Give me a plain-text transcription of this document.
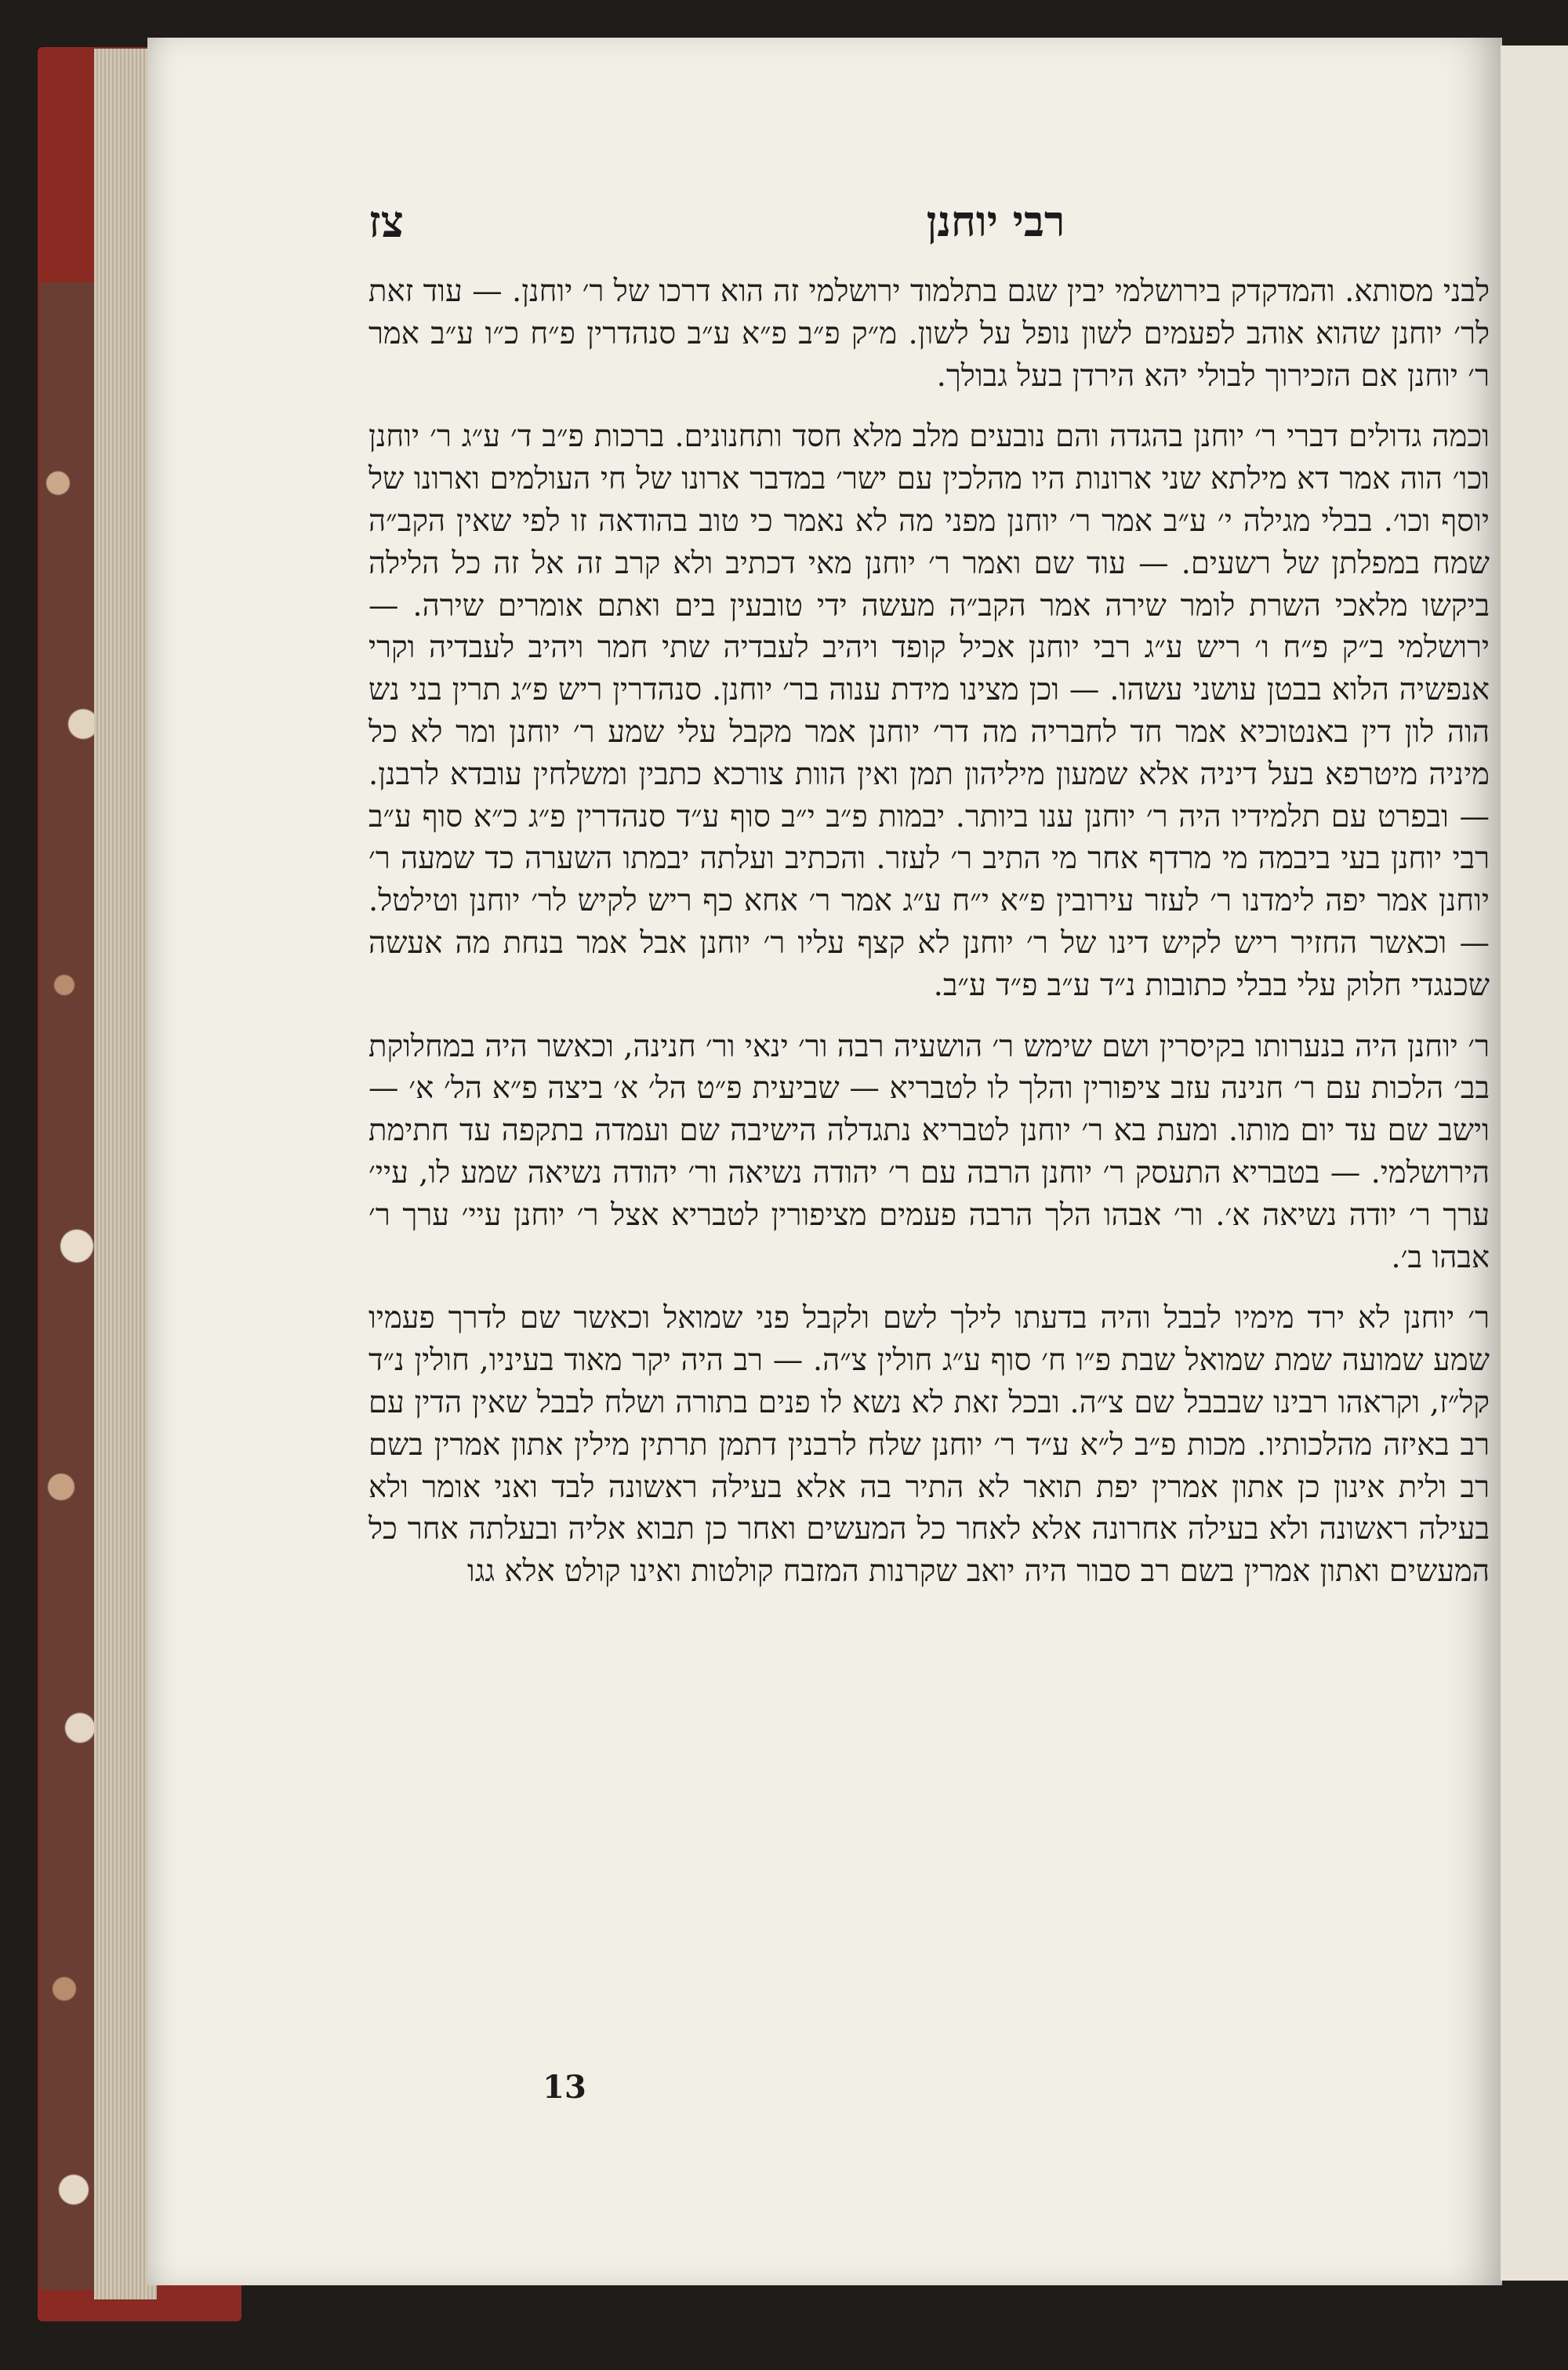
צז	רבי יוחנן

לבני מסותא. והמדקדק בירושלמי יבין שגם בתלמוד ירושלמי זה הוא דרכו של ר׳ יוחנן. — עוד זאת לר׳ יוחנן שהוא אוהב לפעמים לשון נופל על לשון. מ״ק פ״ב פ״א ע״ב סנהדרין פ״ח כ״ו ע״ב אמר ר׳ יוחנן אם הזכירוך לבולי יהא הירדן בעל גבולך.

וכמה גדולים דברי ר׳ יוחנן בהגדה והם נובעים מלב מלא חסד ותחנונים. ברכות פ״ב ד׳ ע״ג ר׳ יוחנן וכו׳ הוה אמר דא מילתא שני ארונות היו מהלכין עם ישר׳ במדבר ארונו של חי העולמים וארונו של יוסף וכו׳. בבלי מגילה י׳ ע״ב אמר ר׳ יוחנן מפני מה לא נאמר כי טוב בהודאה זו לפי שאין הקב״ה שמח במפלתן של רשעים. — עוד שם ואמר ר׳ יוחנן מאי דכתיב ולא קרב זה אל זה כל הלילה ביקשו מלאכי השרת לומר שירה אמר הקב״ה מעשה ידי טובעין בים ואתם אומרים שירה. — ירושלמי ב״ק פ״ח ו׳ ריש ע״ג רבי יוחנן אכיל קופד ויהיב לעבדיה שתי חמר ויהיב לעבדיה וקרי אנפשיה הלוא בבטן עושני עשהו. — וכן מצינו מידת ענוה בר׳ יוחנן. סנהדרין ריש פ״ג תרין בני נש הוה לון דין באנטוכיא אמר חד לחבריה מה דר׳ יוחנן אמר מקבל עלי שמע ר׳ יוחנן ומר לא כל מיניה מיטרפא בעל דיניה אלא שמעון מיליהון תמן ואין הוות צורכא כתבין ומשלחין עובדא לרבנן. — ובפרט עם תלמידיו היה ר׳ יוחנן ענו ביותר. יבמות פ״ב י״ב סוף ע״ד סנהדרין פ״ג כ״א סוף ע״ב רבי יוחנן בעי ביבמה מי מרדף אחר מי התיב ר׳ לעזר. והכתיב ועלתה יבמתו השערה כד שמעה ר׳ יוחנן אמר יפה לימדנו ר׳ לעזר עירובין פ״א י״ח ע״ג אמר ר׳ אחא כף ריש לקיש לר׳ יוחנן וטילטל. — וכאשר החזיר ריש לקיש דינו של ר׳ יוחנן לא קצף עליו ר׳ יוחנן אבל אמר בנחת מה אעשה שכנגדי חלוק עלי בבלי כתובות נ״ד ע״ב פ״ד ע״ב.

ר׳ יוחנן היה בנערותו בקיסרין ושם שימש ר׳ הושעיה רבה ור׳ ינאי ור׳ חנינה, וכאשר היה במחלוקת בב׳ הלכות עם ר׳ חנינה עזב ציפורין והלך לו לטבריא — שביעית פ״ט הל׳ א׳ ביצה פ״א הל׳ א׳ — וישב שם עד יום מותו. ומעת בא ר׳ יוחנן לטבריא נתגדלה הישיבה שם ועמדה בתקפה עד חתימת הירושלמי. — בטבריא התעסק ר׳ יוחנן הרבה עם ר׳ יהודה נשיאה ור׳ יהודה נשיאה שמע לו, עיי׳ ערך ר׳ יודה נשיאה א׳. ור׳ אבהו הלך הרבה פעמים מציפורין לטבריא אצל ר׳ יוחנן עיי׳ ערך ר׳ אבהו ב׳.

ר׳ יוחנן לא ירד מימיו לבבל והיה בדעתו לילך לשם ולקבל פני שמואל וכאשר שם לדרך פעמיו שמע שמועה שמת שמואל שבת פ״ו ח׳ סוף ע״ג חולין צ״ה. — רב היה יקר מאוד בעיניו, חולין נ״ד קל״ז, וקראהו רבינו שבבבל שם צ״ה. ובכל זאת לא נשא לו פנים בתורה ושלח לבבל שאין הדין עם רב באיזה מהלכותיו. מכות פ״ב ל״א ע״ד ר׳ יוחנן שלח לרבנין דתמן תרתין מילין אתון אמרין בשם רב ולית אינון כן אתון אמרין יפת תואר לא התיר בה אלא בעילה ראשונה לבד ואני אומר ולא בעילה ראשונה ולא בעילה אחרונה אלא לאחר כל המעשים ואחר כן תבוא אליה ובעלתה אחר כל המעשים ואתון אמרין בשם רב סבור היה יואב שקרנות המזבח קולטות ואינו קולט אלא גגו

13
